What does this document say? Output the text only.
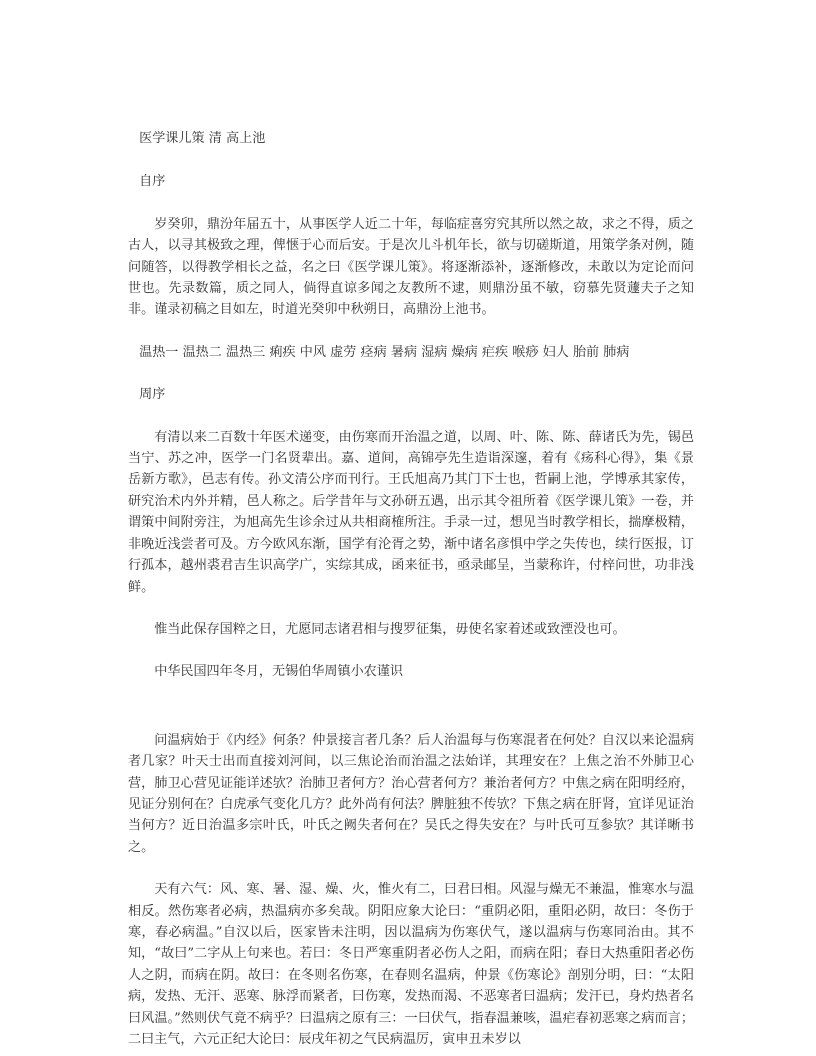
医学课儿策 清 高上池
自序

岁癸卯，鼎汾年届五十，从事医学人近二十年，每临症喜穷究其所以然之故，求之不得，质之古人，以寻其极致之理，俾惬于心而后安。于是次儿斗机年长，欲与切磋斯道，用策学条对例，随问随答，以得教学相长之益，名之曰《医学课儿策》。将逐渐添补，逐渐修改，未敢以为定论而问世也。先录数篇，质之同人，倘得直谅多闻之友教所不逮，则鼎汾虽不敏，窃慕先贤蘧夫子之知非。谨录初稿之目如左，时道光癸卯中秋朔日，高鼎汾上池书。

温热一 温热二 温热三 痢疾 中风 虚劳 痉病 暑病 湿病 燥病 疟疾 喉痧 妇人 胎前 肺病
周序

有清以来二百数十年医术递变，由伤寒而开治温之道，以周、叶、陈、陈、薛诸氏为先，锡邑当宁、苏之冲，医学一门名贤辈出。嘉、道间，高锦亭先生造诣深邃，着有《疡科心得》，集《景岳新方歌》，邑志有传。孙文清公序而刊行。王氏旭高乃其门下士也，哲嗣上池，学博承其家传，研究治术内外并精，邑人称之。后学昔年与文孙研五遇，出示其令祖所着《医学课儿策》一卷，并谓策中间附旁注，为旭高先生诊余过从共相商榷所注。手录一过，想见当时教学相长，揣摩极精，非晚近浅尝者可及。方今欧风东渐，国学有沦胥之势，渐中诸名彦惧中学之失传也，续行医报，订行孤本，越州裘君吉生识高学广，实综其成，函来征书，亟录邮呈，当蒙称许，付梓问世，功非浅鲜。

惟当此保存国粹之日，尤愿同志诸君相与搜罗征集，毋使名家着述或致湮没也可。

中华民国四年冬月，无锡伯华周镇小农谨识

问温病始于《内经》何条？仲景接言者几条？后人治温每与伤寒混者在何处？自汉以来论温病者几家？叶天士出而直接刘河间，以三焦论治而治温之法始详，其理安在？上焦之治不外肺卫心营，肺卫心营见证能详述欤？治肺卫者何方？治心营者何方？兼治者何方？中焦之病在阳明经府，见证分别何在？白虎承气变化几方？此外尚有何法？脾脏独不传欤？下焦之病在肝肾，宜详见证治当何方？近日治温多宗叶氏，叶氏之阙失者何在？吴氏之得失安在？与叶氏可互参欤？其详晰书之。

天有六气：风、寒、暑、湿、燥、火，惟火有二，曰君曰相。风湿与燥无不兼温，惟寒水与温相反。然伤寒者必病，热温病亦多矣哉。阴阳应象大论曰：“重阴必阳，重阳必阴，故曰：冬伤于寒，春必病温。”自汉以后，医家皆未注明，因以温病为伤寒伏气，遂以温病与伤寒同治由。其不知，“故曰”二字从上句来也。若曰：冬日严寒重阴者必伤人之阳，而病在阳；春日大热重阳者必伤人之阴，而病在阴。故曰：在冬则名伤寒，在春则名温病，仲景《伤寒论》剖别分明，曰：“太阳病，发热、无汗、恶寒、脉浮而紧者，曰伤寒，发热而渴、不恶寒者曰温病；发汗已，身灼热者名曰风温。”然则伏气竟不病乎？曰温病之原有三：一曰伏气，指春温兼咳，温疟春初恶寒之病而言；二曰主气，六元正纪大论曰：辰戌年初之气民病温厉，寅申丑未岁以
